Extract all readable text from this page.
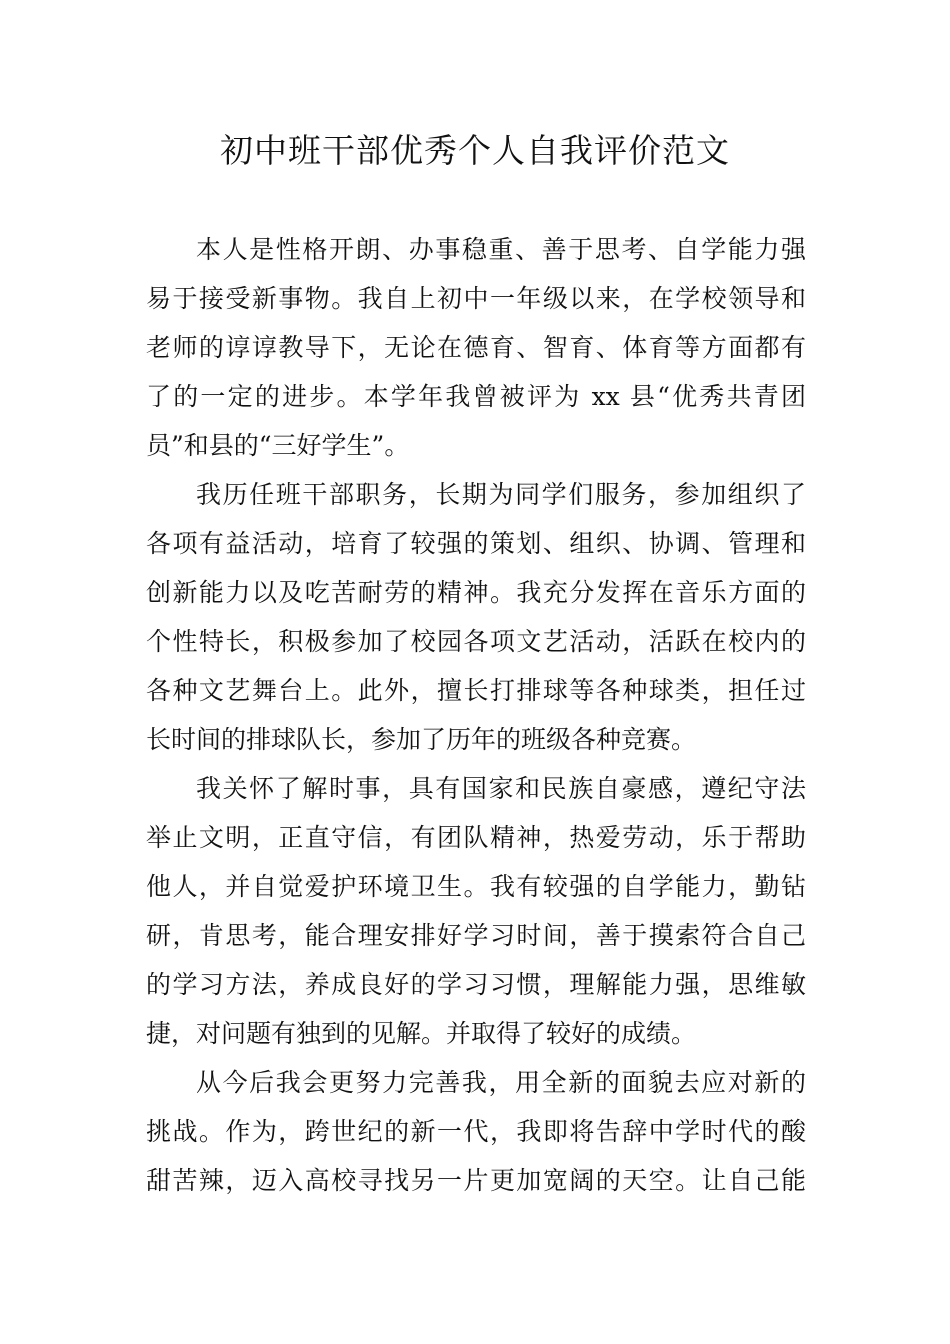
初中班干部优秀个人自我评价范文
本人是性格开朗、办事稳重、善于思考、自学能力强
易于接受新事物。我自上初中一年级以来，在学校领导和
老师的谆谆教导下，无论在德育、智育、体育等方面都有
了的一定的进步。本学年我曾被评为 xx 县“优秀共青团
员”和县的“三好学生”。
我历任班干部职务，长期为同学们服务，参加组织了
各项有益活动，培育了较强的策划、组织、协调、管理和
创新能力以及吃苦耐劳的精神。我充分发挥在音乐方面的
个性特长，积极参加了校园各项文艺活动，活跃在校内的
各种文艺舞台上。此外，擅长打排球等各种球类，担任过
长时间的排球队长，参加了历年的班级各种竞赛。
我关怀了解时事，具有国家和民族自豪感，遵纪守法
举止文明，正直守信，有团队精神，热爱劳动，乐于帮助
他人，并自觉爱护环境卫生。我有较强的自学能力，勤钻
研，肯思考，能合理安排好学习时间，善于摸索符合自己
的学习方法，养成良好的学习习惯，理解能力强，思维敏
捷，对问题有独到的见解。并取得了较好的成绩。
从今后我会更努力完善我，用全新的面貌去应对新的
挑战。作为，跨世纪的新一代，我即将告辞中学时代的酸
甜苦辣，迈入高校寻找另一片更加宽阔的天空。让自己能
